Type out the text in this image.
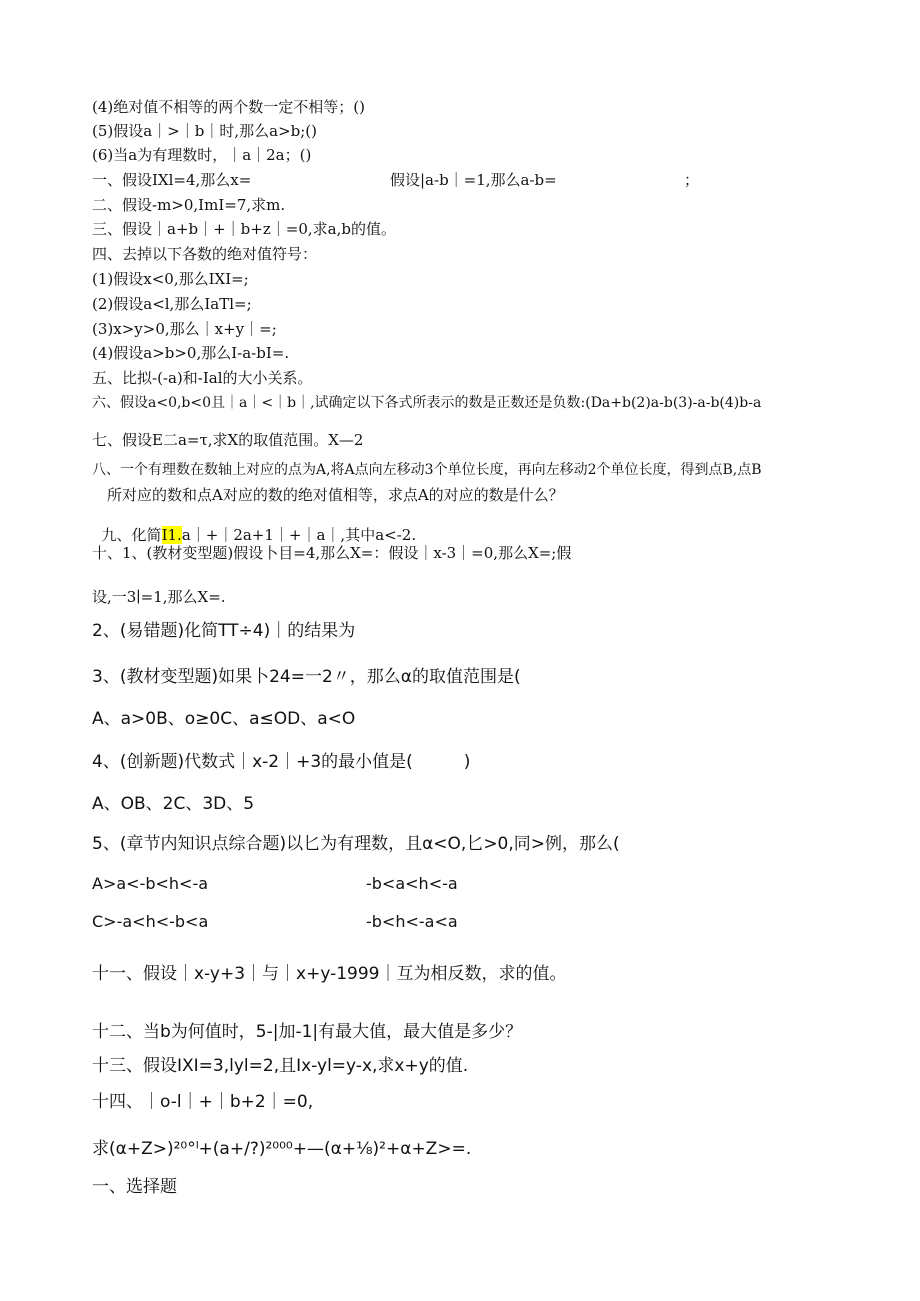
(4)绝对值不相等的两个数一定不相等；()
(5)假设a｜>｜b｜时,那么a>b;()
(6)当a为有理数时，｜a｜2a；()
一、假设IXl=4,那么x=	假设|a-b｜=1,那么a-b=	；
二、假设-m>0,ImI=7,求m.
三、假设｜a+b｜+｜b+z｜=0,求a,b的值。
四、去掉以下各数的绝对值符号：
(1)假设x<0,那么IXI=;
(2)假设a<l,那么IaTl=;
(3)x>y>0,那么｜x+y｜=;
(4)假设a>b>0,那么I-a-bI=.
五、比拟-(-a)和-Ial的大小关系。
六、假设a<0,b<0且｜a｜<｜b｜,试确定以下各式所表示的数是正数还是负数:(Da+b(2)a-b(3)-a-b(4)b-a
七、假设E二a=τ,求X的取值范围。X—2
八、一个有理数在数轴上对应的点为A,将A点向左移动3个单位长度，再向左移动2个单位长度，得到点B,点B
所对应的数和点A对应的数的绝对值相等，求点A的对应的数是什么？

九、化简I1.a｜+｜2a+1｜+｜a｜,其中a<-2.

十、1、(教材变型题)假设卜目=4,那么X=：假设｜x-3｜=0,那么X=;假
设,一3∣=1,那么X=.
2、(易错题)化简TT÷4)｜的结果为
3、(教材变型题)如果卜24=一2〃，那么α的取值范围是(
A、a>0B、o≥0C、a≤OD、a<O
4、(创新题)代数式｜x-2｜+3的最小值是(　　　)
A、OB、2C、3D、5
5、(章节内知识点综合题)以匕为有理数，且α<O,匕>0,同>例，那么(
A>a<-b<h<-a	-b<a<h<-a
C>-a<h<-b<a	-b<h<-a<a
十一、假设｜x-y+3｜与｜x+y-1999｜互为相反数，求的值。
十二、当b为何值时，5-|加-1|有最大值，最大值是多少？
十三、假设IXI=3,lyl=2,且Ix-yl=y-x,求x+y的值.
十四、｜o-l｜+｜b+2｜=0,
求(α+Z>)²⁰°ˡ+(a+/?)²⁰⁰⁰+—(α+⅛)²+α+Z>=.
一、选择题
